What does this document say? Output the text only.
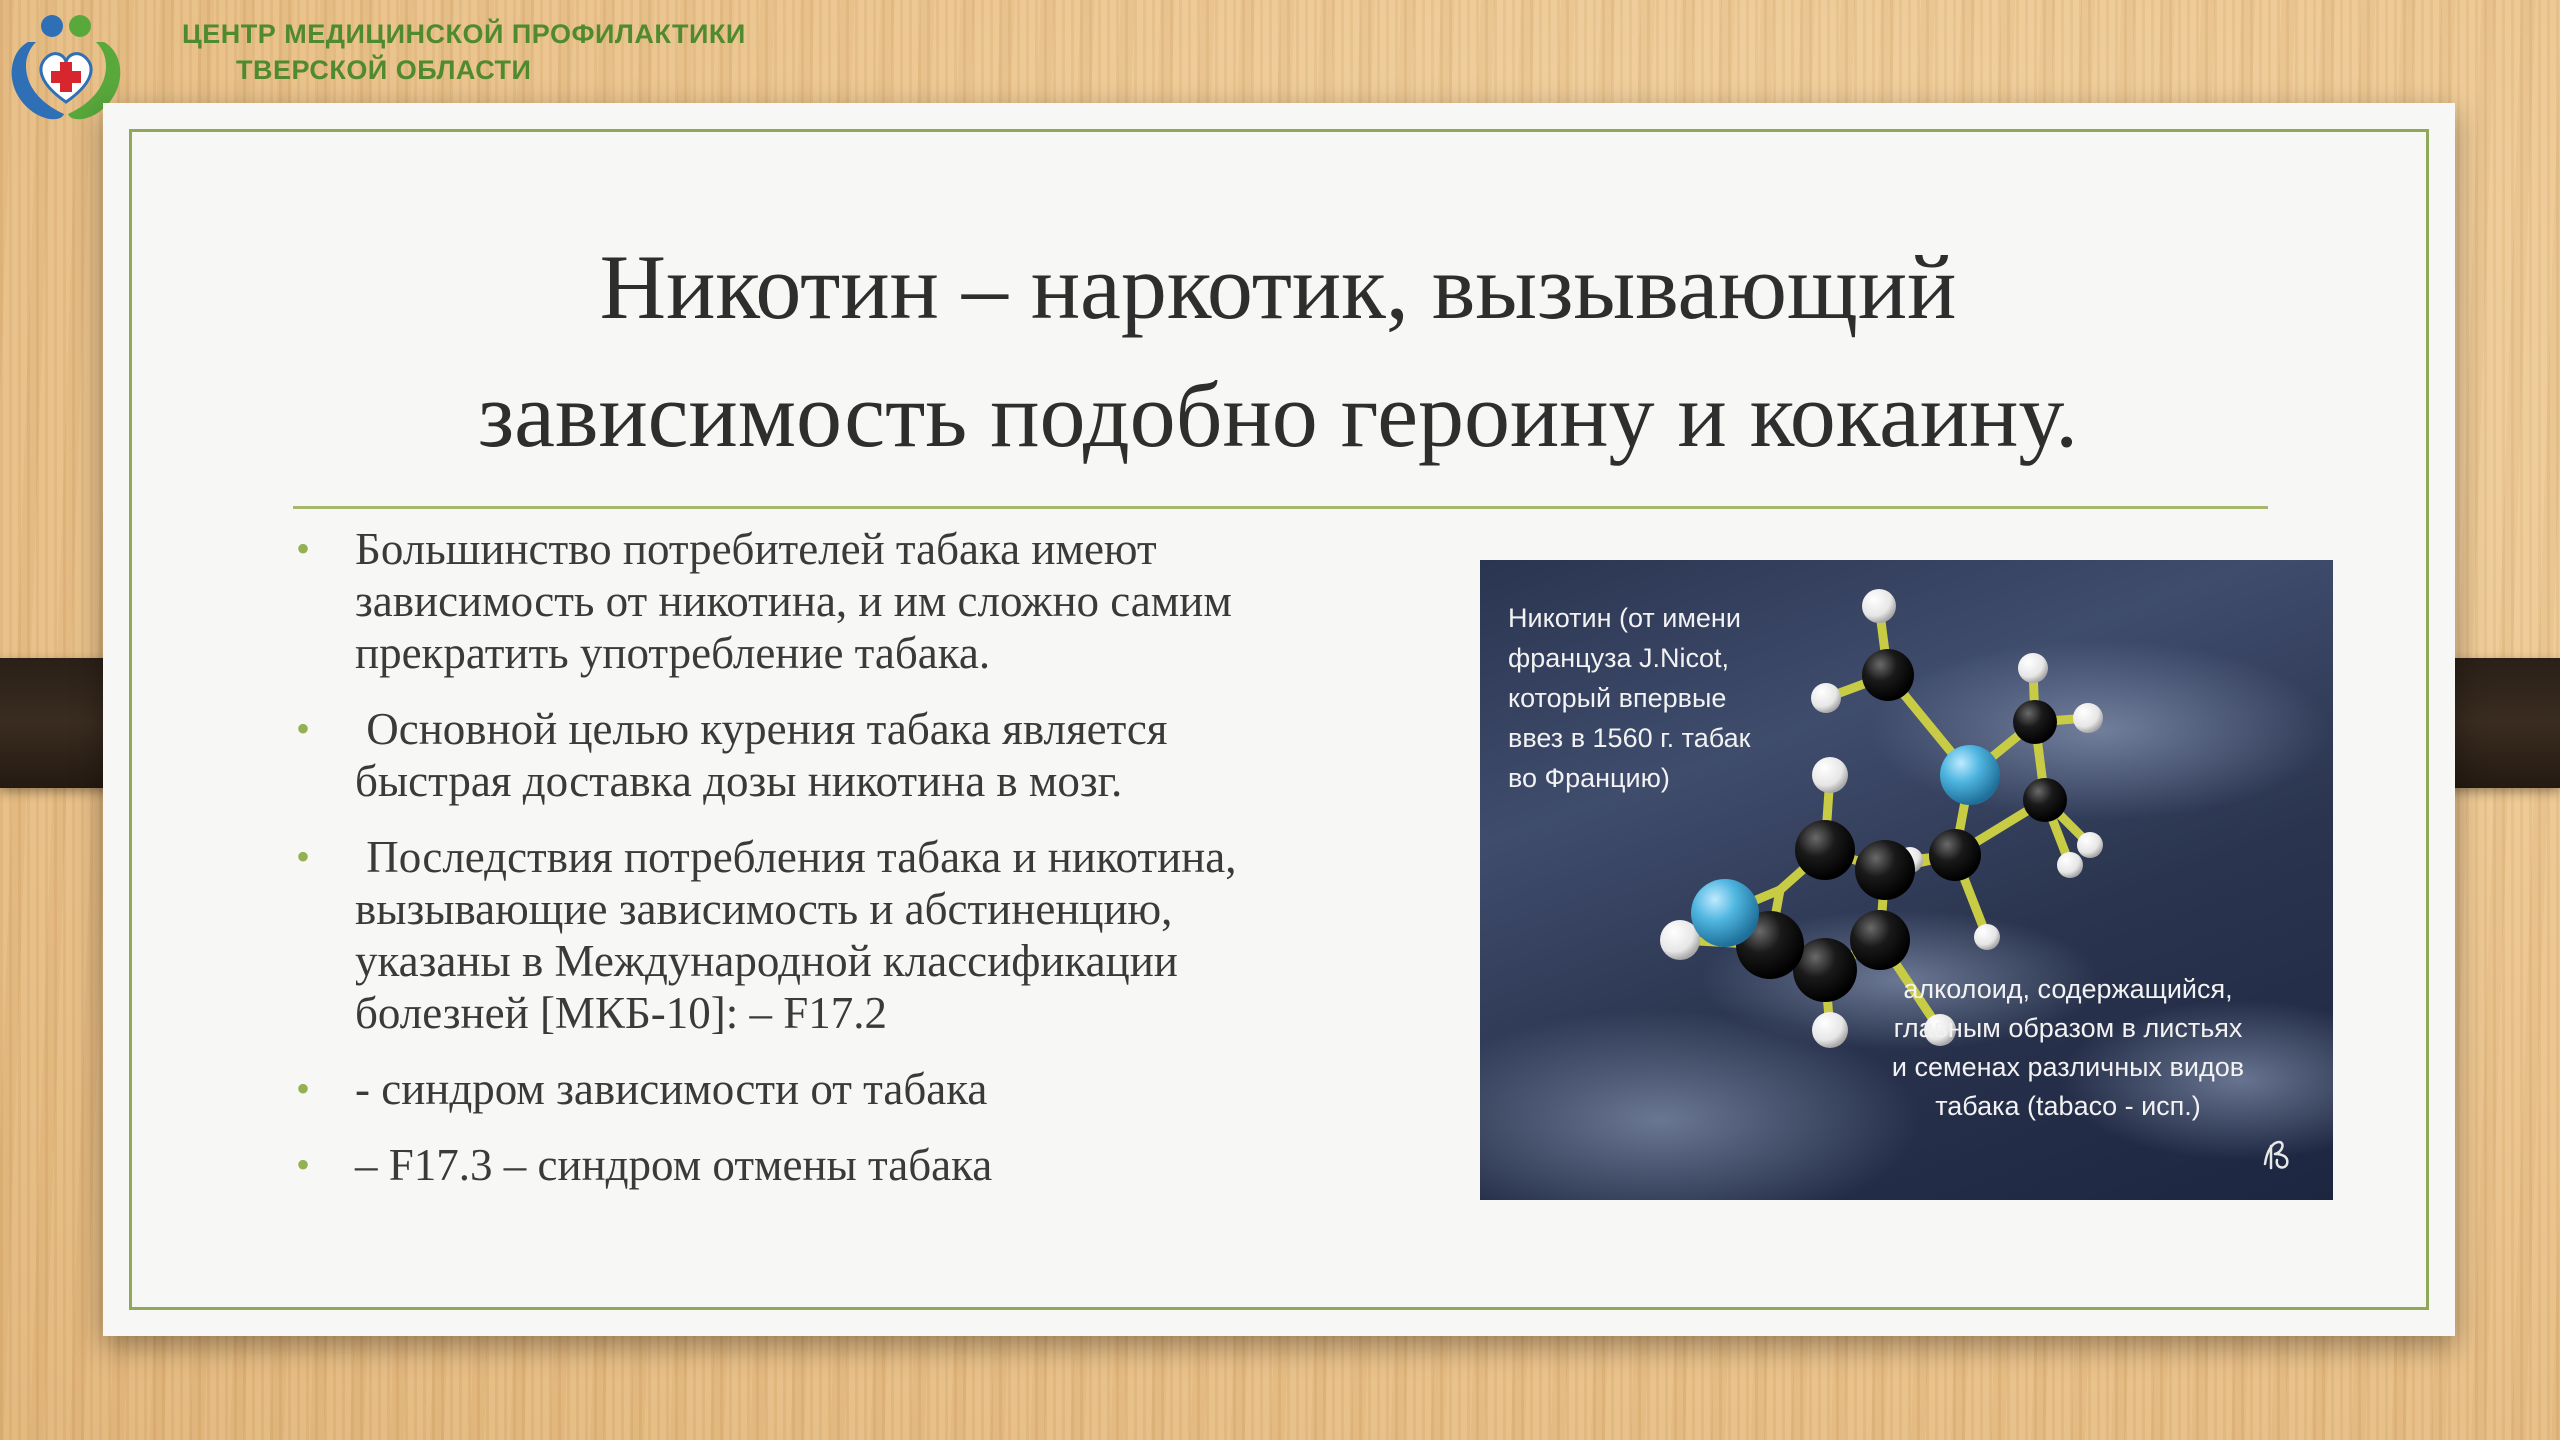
ЦЕНТР МЕДИЦИНСКОЙ ПРОФИЛАКТИКИ
ТВЕРСКОЙ ОБЛАСТИ
Никотин – наркотик, вызывающий
зависимость подобно героину и кокаину.
• Большинство потребителей табака имеют
зависимость от никотина, и им сложно самим
прекратить употребление табака.
• Основной целью курения табака является
быстрая доставка дозы никотина в мозг.
• Последствия потребления табака и никотина,
вызывающие зависимость и абстиненцию,
указаны в Международной классификации
болезней [МКБ-10]: – F17.2
• - синдром зависимости от табака
• – F17.3 – синдром отмены табака
Никотин (от имени
француза J.Nicot,
который впервые
ввез в 1560 г. табак
во Францию)
алколоид, содержащийся,
главным образом в листьях
и семенах различных видов
табака (tabaco - исп.)
